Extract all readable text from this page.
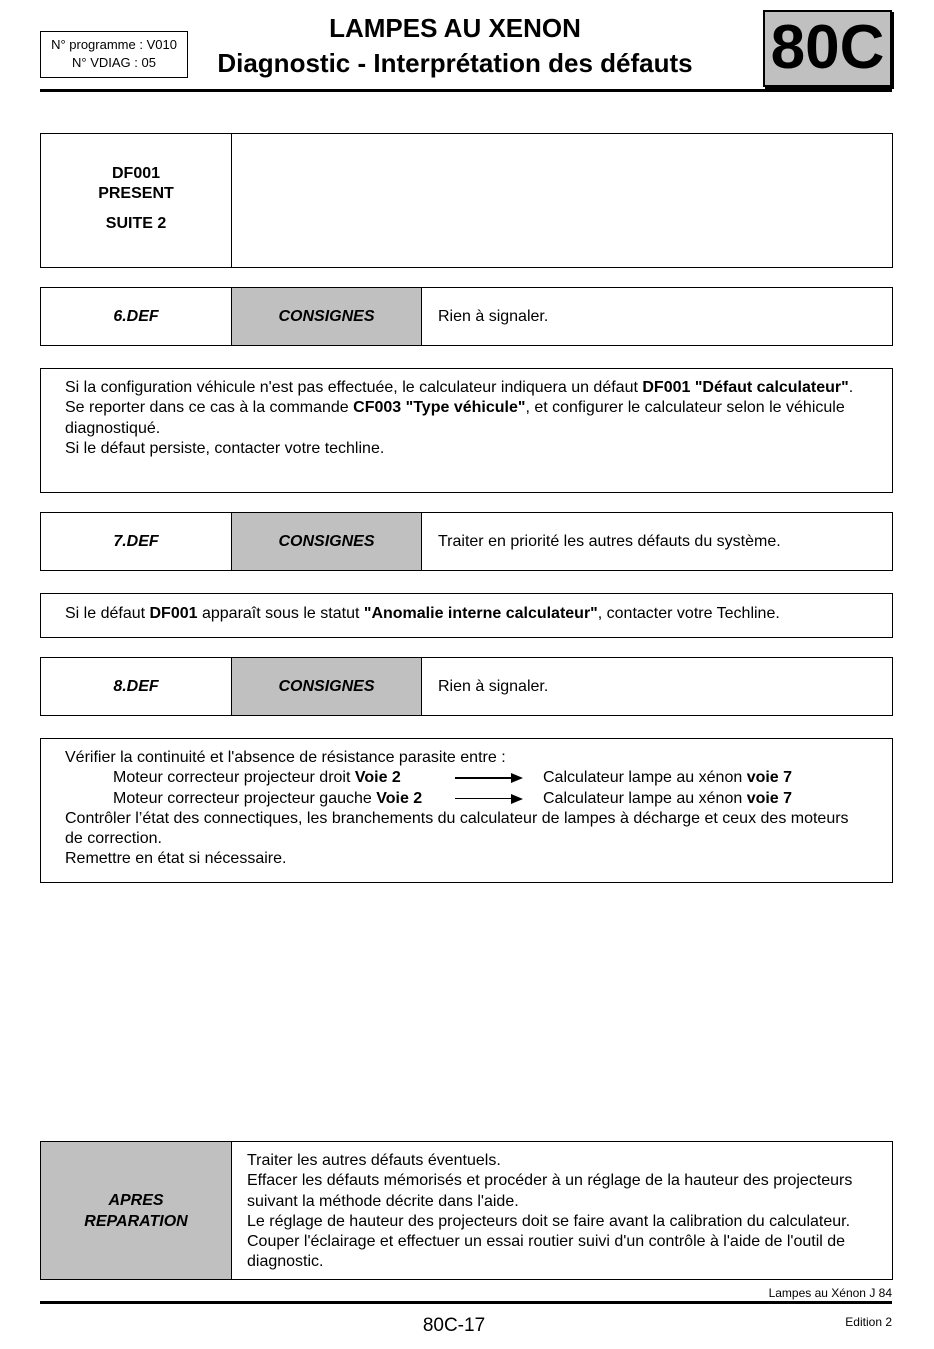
N° programme : V010
N° VDIAG : 05
LAMPES AU XENON
Diagnostic - Interprétation des défauts 80C
DF001
PRESENT
SUITE 2
6.DEF	CONSIGNES	Rien à signaler.

Si la configuration véhicule n'est pas effectuée, le calculateur indiquera un défaut DF001 "Défaut calculateur".

Se reporter dans ce cas à la commande CF003 "Type véhicule", et configurer le calculateur selon le véhicule diagnostiqué.

Si le défaut persiste, contacter votre techline.

7.DEF	CONSIGNES	Traiter en priorité les autres défauts du système.

Si le défaut DF001 apparaît sous le statut "Anomalie interne calculateur", contacter votre Techline.

8.DEF	CONSIGNES	Rien à signaler.

Vérifier la continuité et l'absence de résistance parasite entre :

Moteur correcteur projecteur droit Voie 2	Calculateur lampe au xénon voie 7
Moteur correcteur projecteur gauche Voie 2	Calculateur lampe au xénon voie 7

Contrôler l’état des connectiques, les branchements du calculateur de lampes à décharge et ceux des moteurs de correction.

Remettre en état si nécessaire.

APRES
REPARATION
Traiter les autres défauts éventuels.
Effacer les défauts mémorisés et procéder à un réglage de la hauteur des projecteurs suivant la méthode décrite dans l'aide.
Le réglage de hauteur des projecteurs doit se faire avant la calibration du calculateur.
Couper l'éclairage et effectuer un essai routier suivi d'un contrôle à l'aide de l'outil de diagnostic.
Lampes au Xénon J 84
80C-17	Edition 2
